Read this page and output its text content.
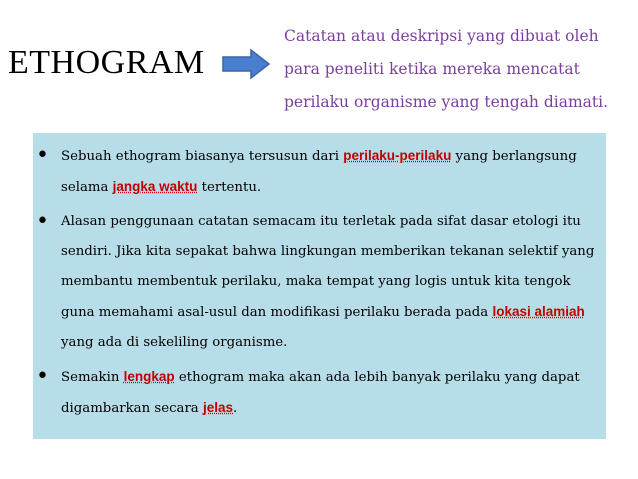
ETHOGRAM
Catatan atau deskripsi yang dibuat oleh para peneliti ketika mereka mencatat perilaku organisme yang tengah diamati.
• Sebuah ethogram biasanya tersusun dari perilaku-perilaku yang berlangsung selama jangka waktu tertentu.
• Alasan penggunaan catatan semacam itu terletak pada sifat dasar etologi itu sendiri. Jika kita sepakat bahwa lingkungan memberikan tekanan selektif yang membantu membentuk perilaku, maka tempat yang logis untuk kita tengok guna memahami asal-usul dan modifikasi perilaku berada pada lokasi alamiah yang ada di sekeliling organisme.
• Semakin lengkap ethogram maka akan ada lebih banyak perilaku yang dapat digambarkan secara jelas.
